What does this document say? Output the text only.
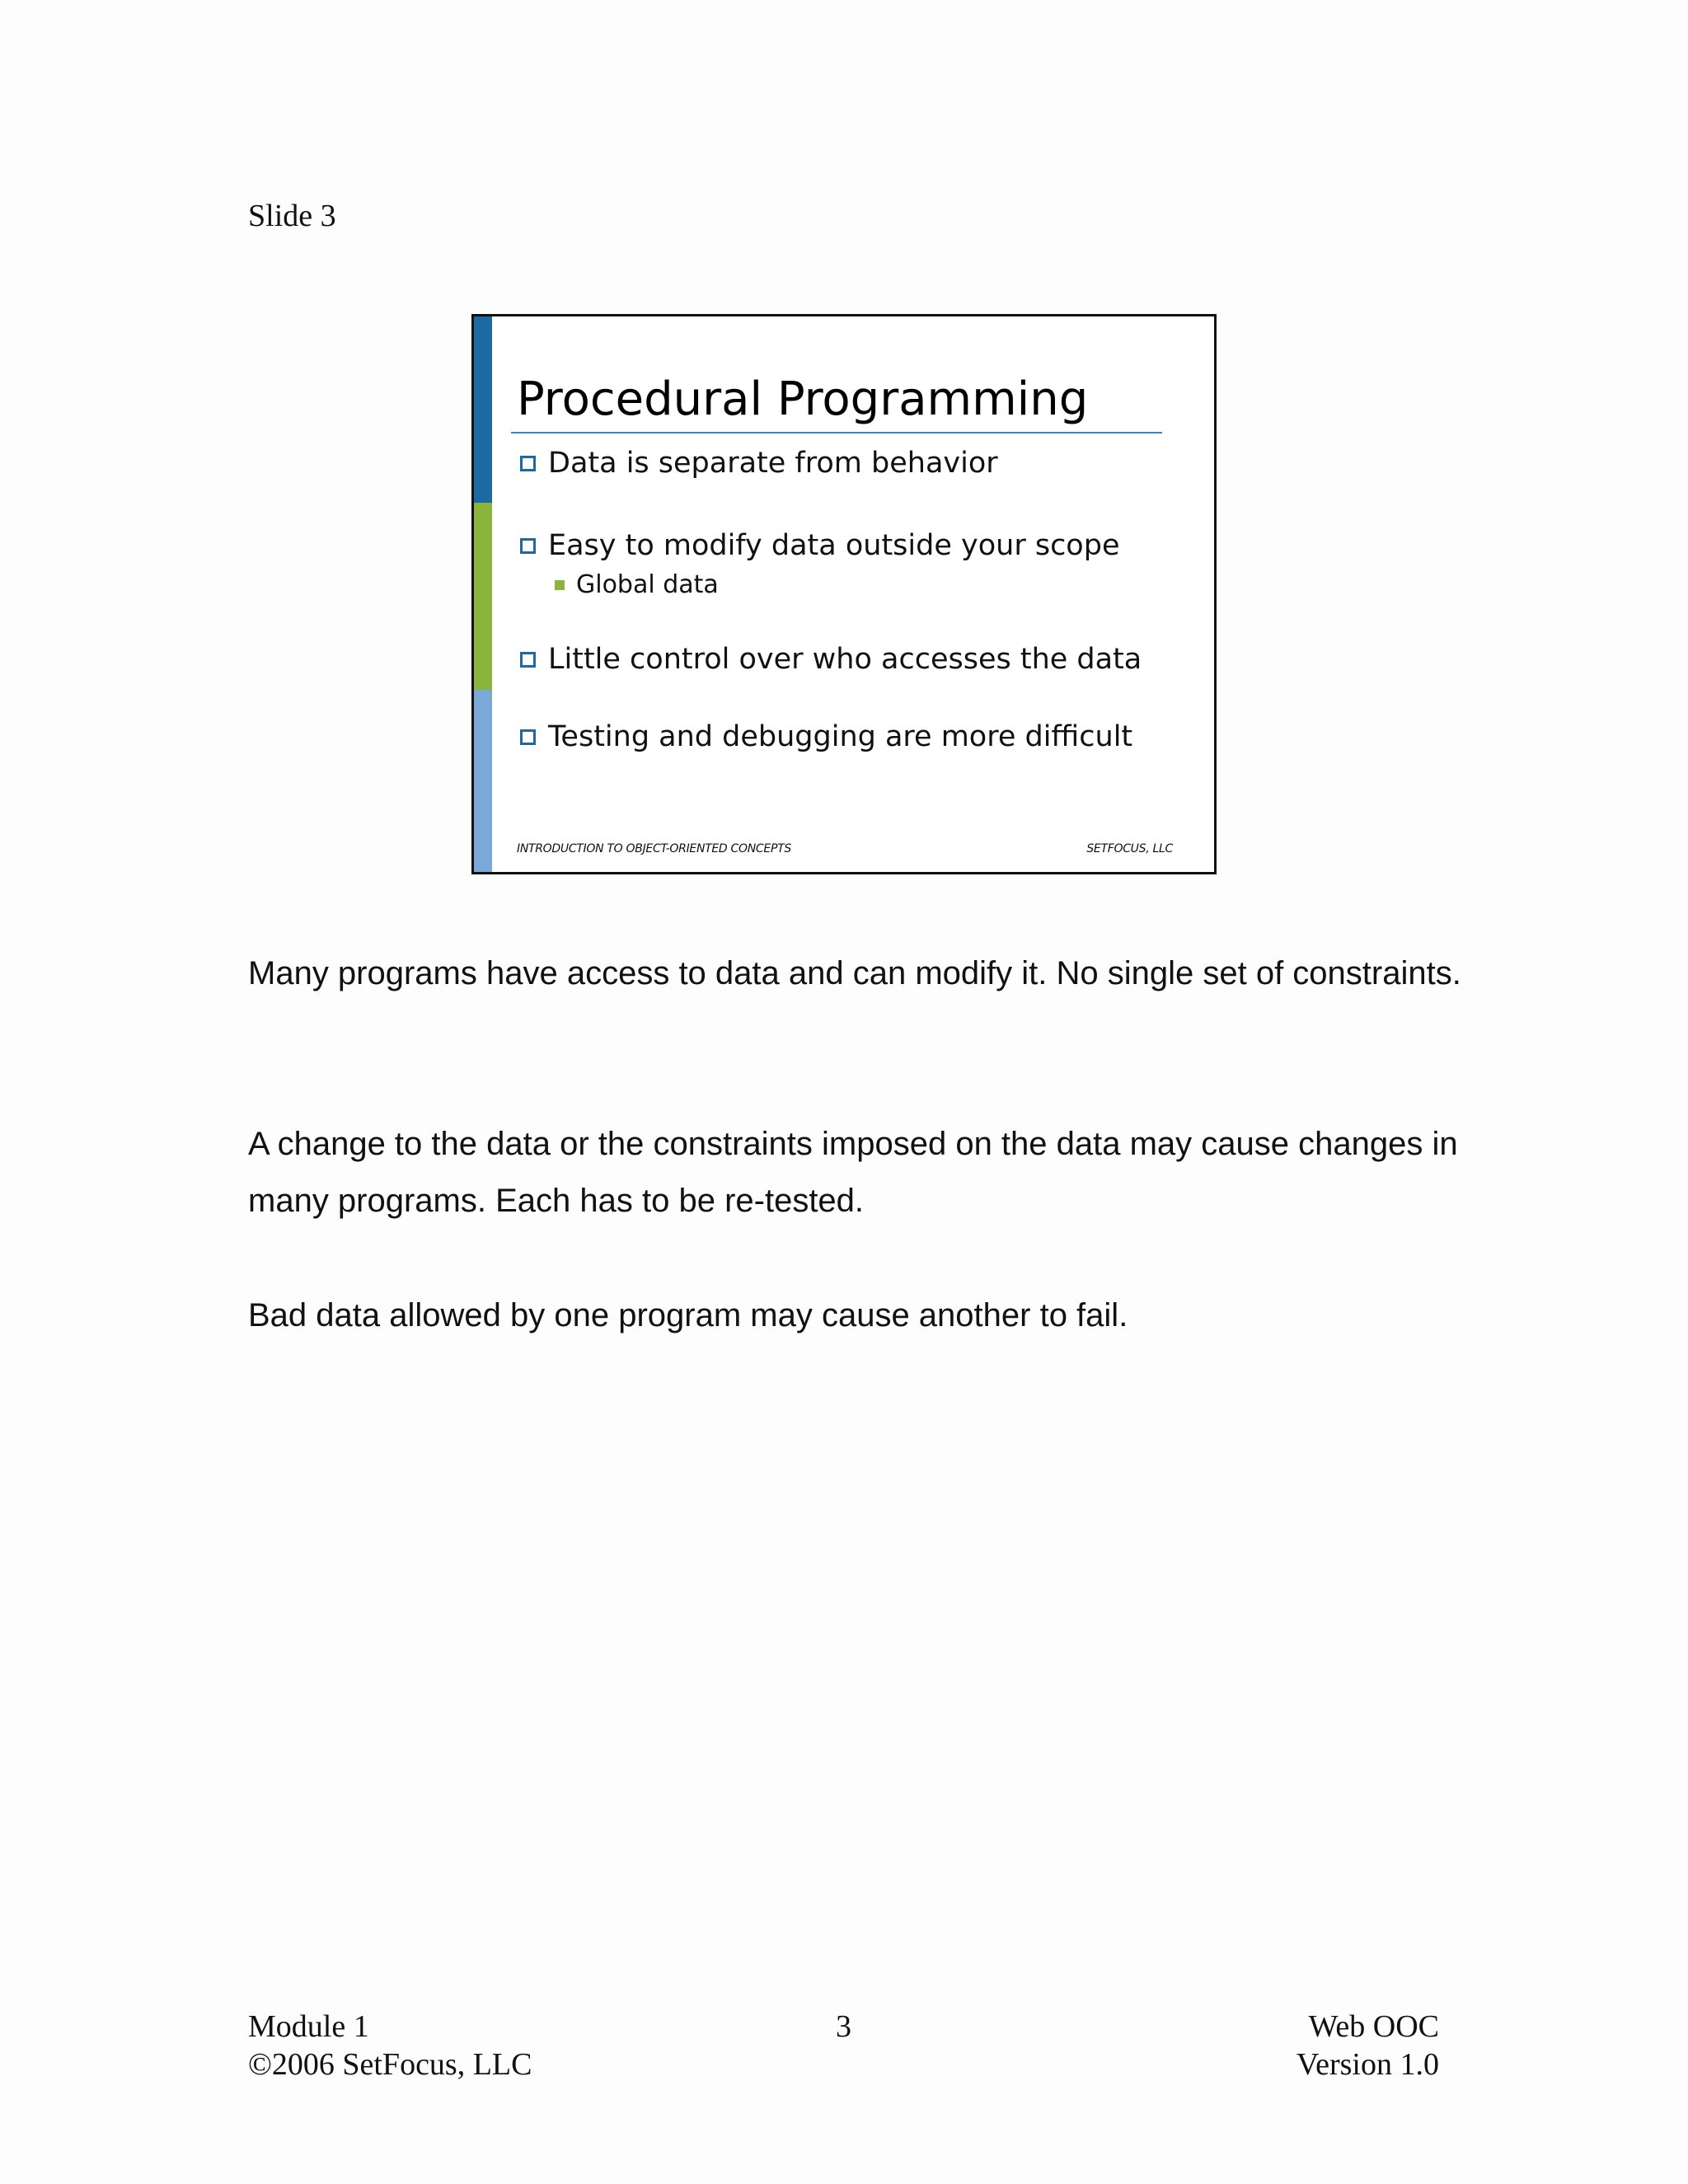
Slide 3
Procedural Programming
Data is separate from behavior
Easy to modify data outside your scope
Global data
Little control over who accesses the data
Testing and debugging are more difficult
INTRODUCTION TO OBJECT-ORIENTED CONCEPTS	SETFOCUS, LLC
Many programs have access to data and can modify it. No single set of constraints.
A change to the data or the constraints imposed on the data may cause changes in many programs. Each has to be re-tested.
Bad data allowed by one program may cause another to fail.
Module 1
©2006 SetFocus, LLC
3	Web OOC
Version 1.0
